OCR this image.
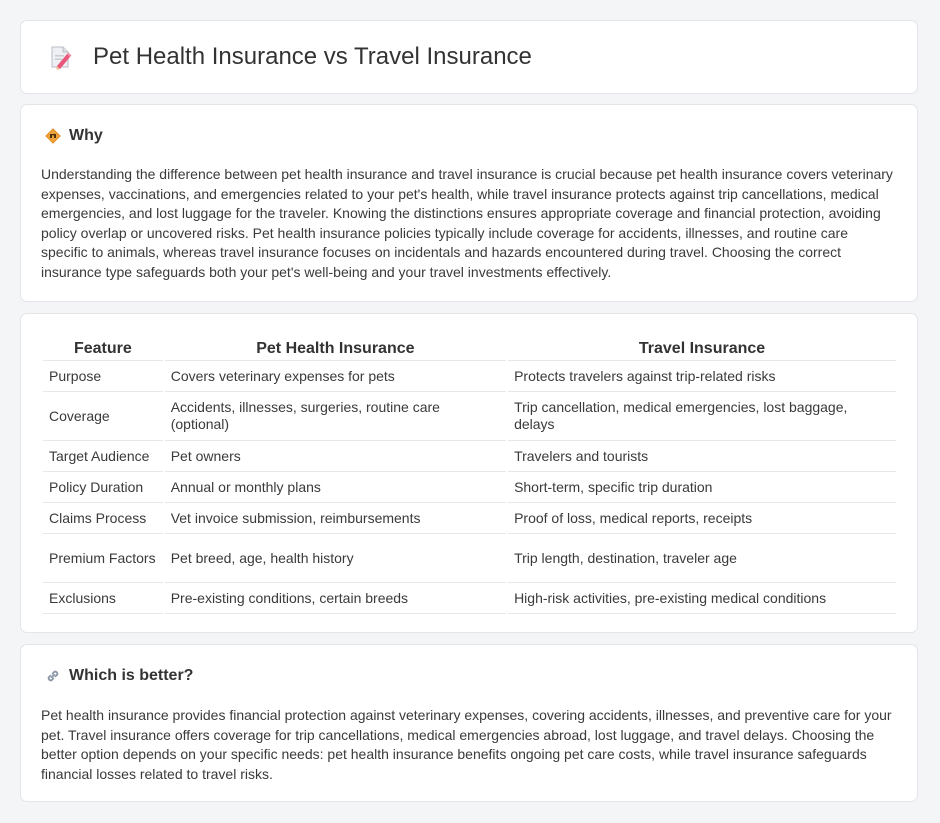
Pet Health Insurance vs Travel Insurance
Why

Understanding the difference between pet health insurance and travel insurance is crucial because pet health insurance covers veterinary expenses, vaccinations, and emergencies related to your pet's health, while travel insurance protects against trip cancellations, medical emergencies, and lost luggage for the traveler. Knowing the distinctions ensures appropriate coverage and financial protection, avoiding policy overlap or uncovered risks. Pet health insurance policies typically include coverage for accidents, illnesses, and routine care specific to animals, whereas travel insurance focuses on incidentals and hazards encountered during travel. Choosing the correct insurance type safeguards both your pet's well-being and your travel investments effectively.

Feature	Pet Health Insurance	Travel Insurance
Purpose	Covers veterinary expenses for pets	Protects travelers against trip-related risks
Coverage	Accidents, illnesses, surgeries, routine care (optional)	Trip cancellation, medical emergencies, lost baggage, delays
Target Audience	Pet owners	Travelers and tourists
Policy Duration	Annual or monthly plans	Short-term, specific trip duration
Claims Process	Vet invoice submission, reimbursements	Proof of loss, medical reports, receipts
Premium Factors	Pet breed, age, health history	Trip length, destination, traveler age
Exclusions	Pre-existing conditions, certain breeds	High-risk activities, pre-existing medical conditions
Which is better?

Pet health insurance provides financial protection against veterinary expenses, covering accidents, illnesses, and preventive care for your pet. Travel insurance offers coverage for trip cancellations, medical emergencies abroad, lost luggage, and travel delays. Choosing the better option depends on your specific needs: pet health insurance benefits ongoing pet care costs, while travel insurance safeguards financial losses related to travel risks.
